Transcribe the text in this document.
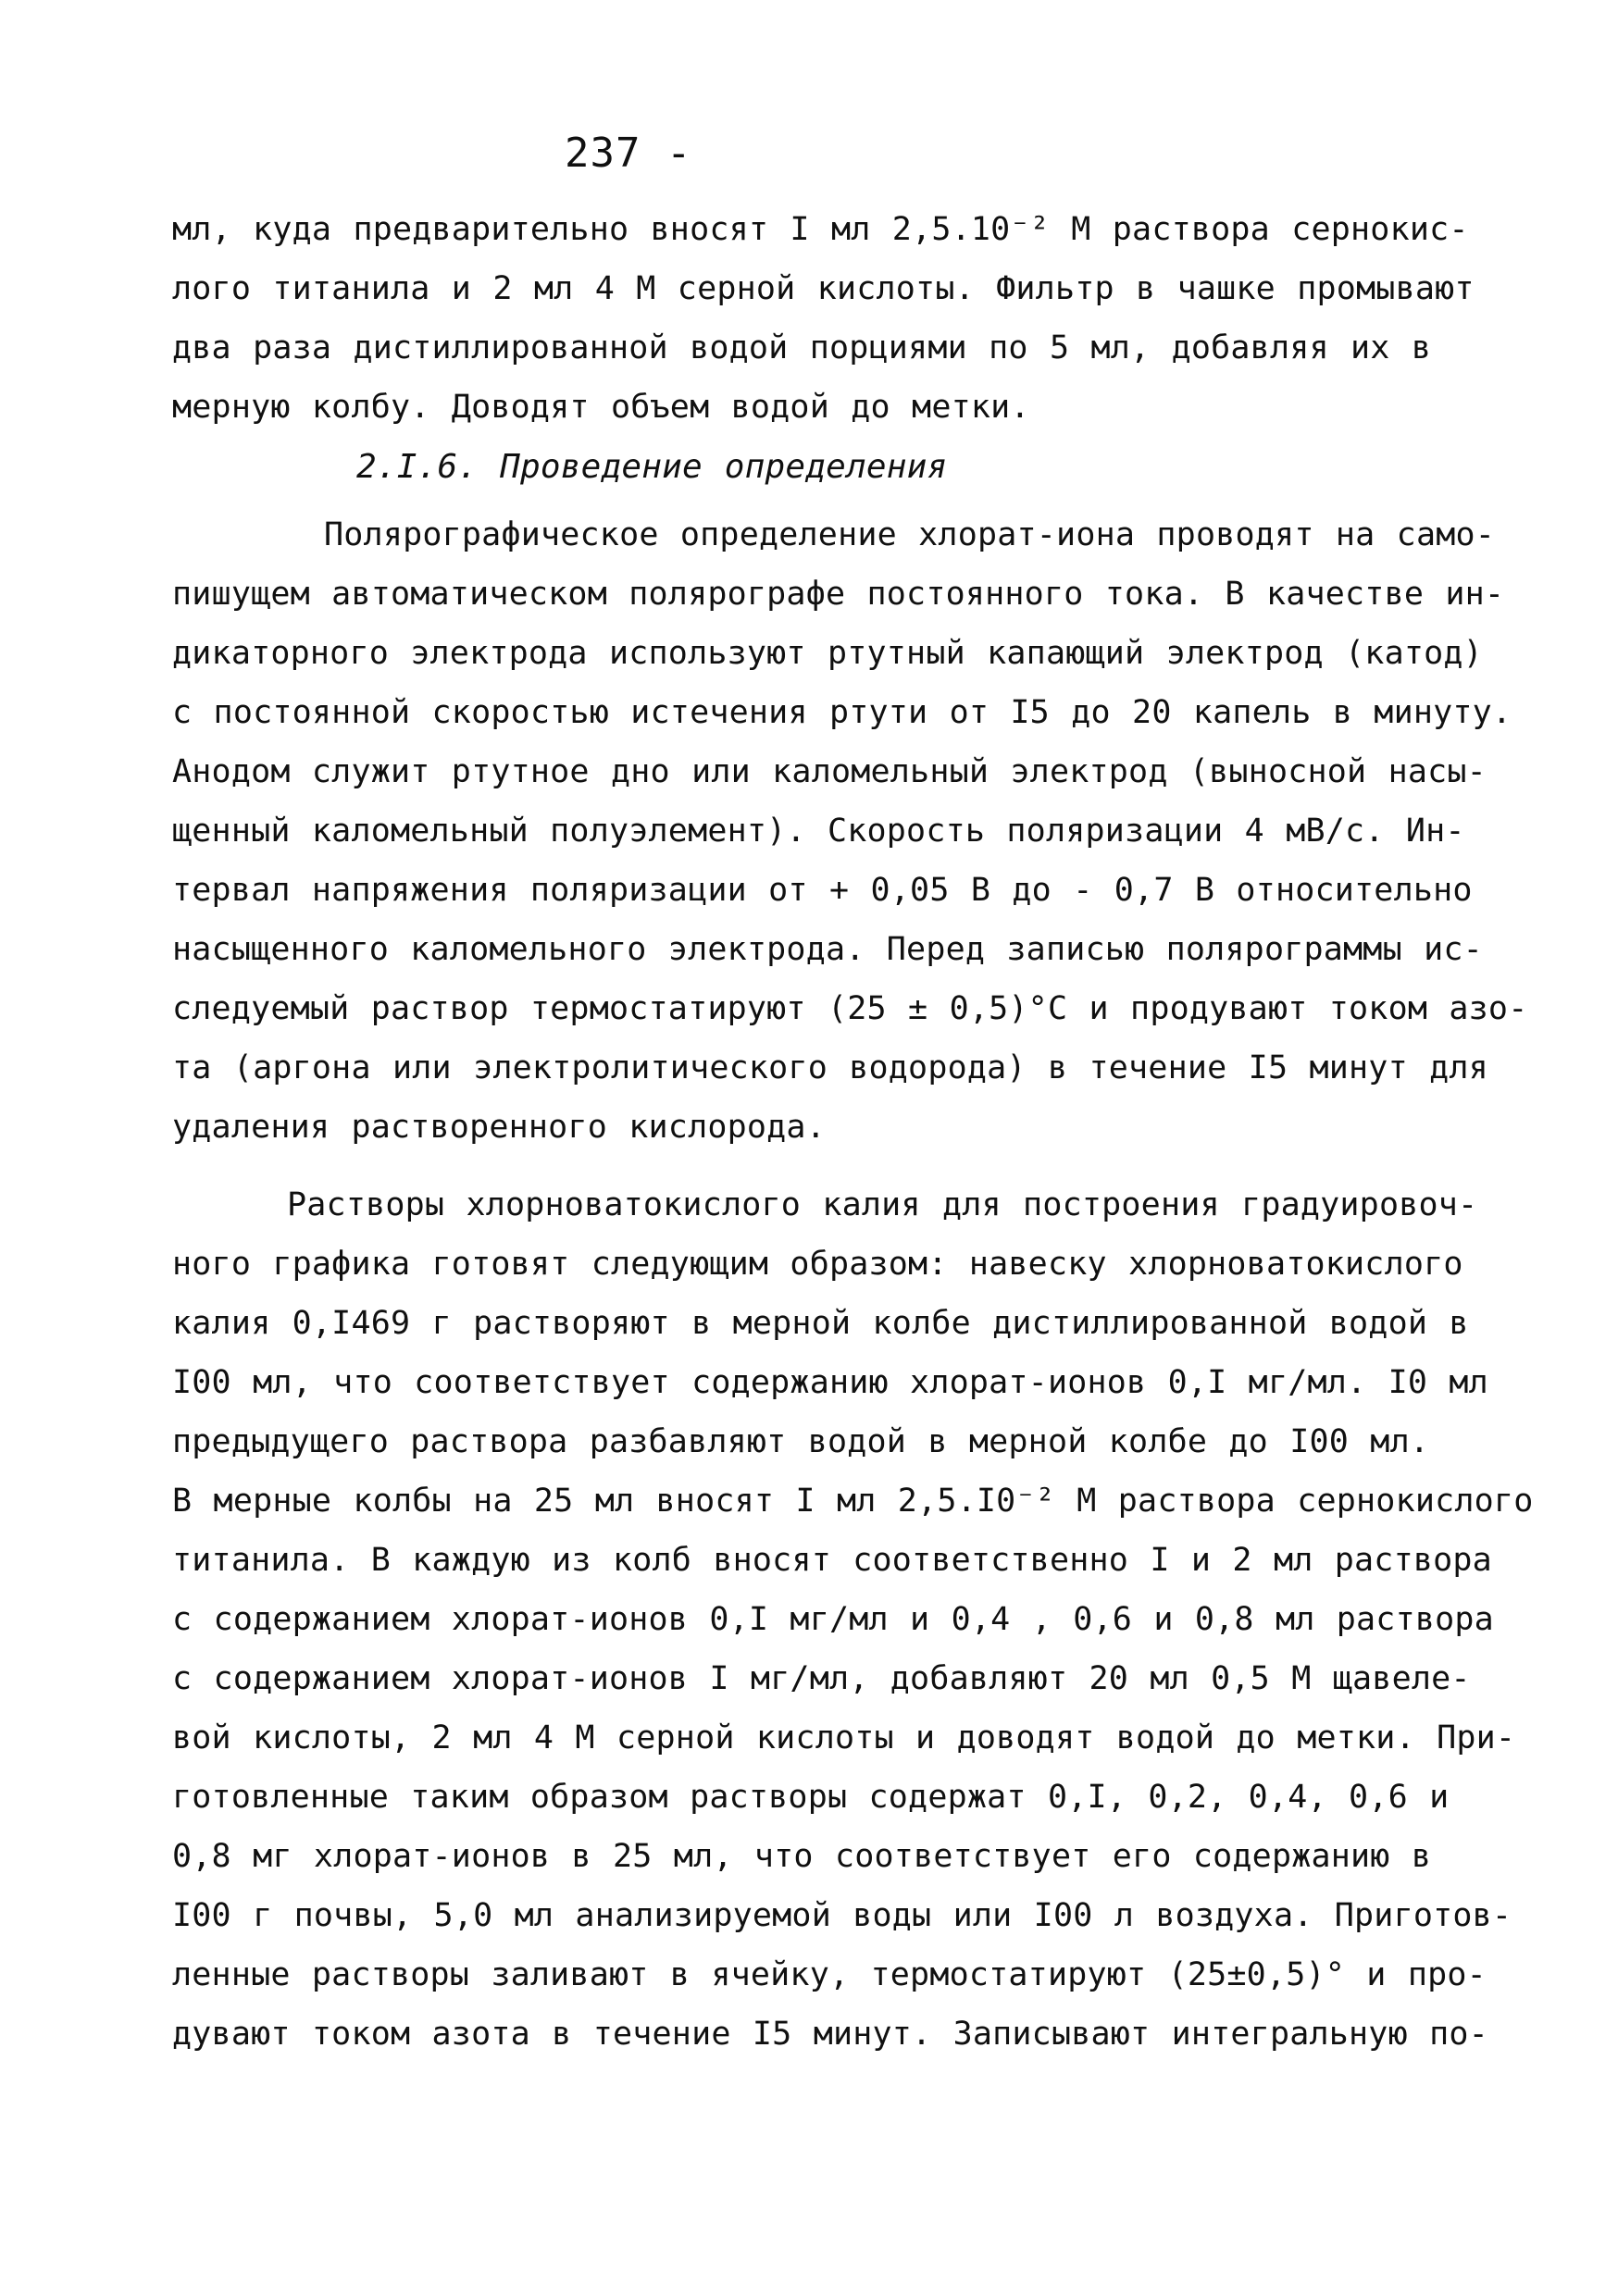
237 -
мл, куда предварительно вносят I мл 2,5.10⁻² М раствора сернокис-
лого титанила и 2 мл 4 М серной кислоты. Фильтр в чашке промывают
два раза дистиллированной водой порциями по 5 мл, добавляя их в
мерную колбу. Доводят объем водой до метки.
2.I.6. Проведение определения
Полярографическое определение хлорат-иона проводят на само-
пишущем автоматическом полярографе постоянного тока. В качестве ин-
дикаторного электрода используют ртутный капающий электрод (катод)
с постоянной скоростью истечения ртути от I5 до 20 капель в минуту.
Анодом служит ртутное дно или каломельный электрод (выносной насы-
щенный каломельный полуэлемент). Скорость поляризации 4 мВ/с. Ин-
тервал напряжения поляризации от + 0,05 В до - 0,7 В относительно
насыщенного каломельного электрода. Перед записью полярограммы ис-
следуемый раствор термостатируют (25 ± 0,5)°С и продувают током азо-
та (аргона или электролитического водорода) в течение I5 минут для
удаления растворенного кислорода.
Растворы хлорноватокислого калия для построения градуировоч-
ного графика готовят следующим образом: навеску хлорноватокислого
калия 0,I469 г растворяют в мерной колбе дистиллированной водой в
I00 мл, что соответствует содержанию хлорат-ионов 0,I мг/мл. I0 мл
предыдущего раствора разбавляют водой в мерной колбе до I00 мл.
В мерные колбы на 25 мл вносят I мл 2,5.I0⁻² М раствора сернокислого
титанила. В каждую из колб вносят соответственно I и 2 мл раствора
с содержанием хлорат-ионов 0,I мг/мл и 0,4 , 0,6 и 0,8 мл раствора
с содержанием хлорат-ионов I мг/мл, добавляют 20 мл 0,5 М щавеле-
вой кислоты, 2 мл 4 М серной кислоты и доводят водой до метки. При-
готовленные таким образом растворы содержат 0,I, 0,2, 0,4, 0,6 и
0,8 мг хлорат-ионов в 25 мл, что соответствует его содержанию в
I00 г почвы, 5,0 мл анализируемой воды или I00 л воздуха. Приготов-
ленные растворы заливают в ячейку, термостатируют (25±0,5)° и про-
дувают током азота в течение I5 минут. Записывают интегральную по-
